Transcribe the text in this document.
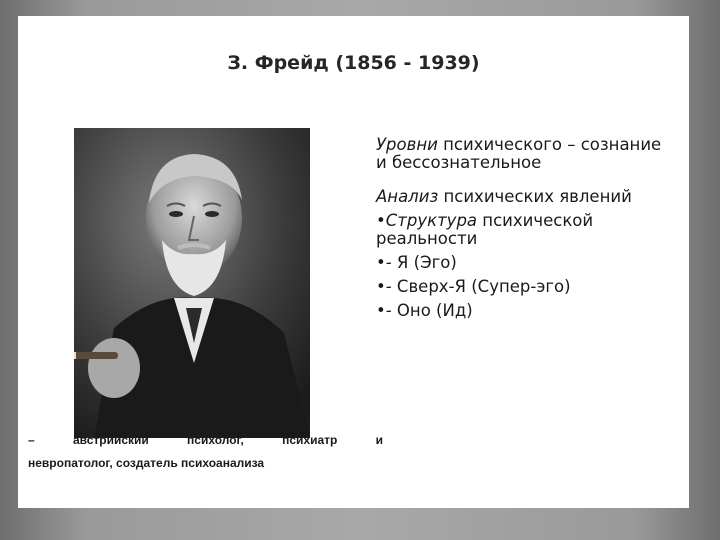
З. Фрейд (1856 - 1939)
–	австрийский	психолог,	психиатр	и
невропатолог, создатель психоанализа
Уровни психического – сознание и бессознательное
Анализ психических явлений
•Структура психической реальности
•- Я (Эго)
•- Сверх-Я (Супер-эго)
•- Оно (Ид)
